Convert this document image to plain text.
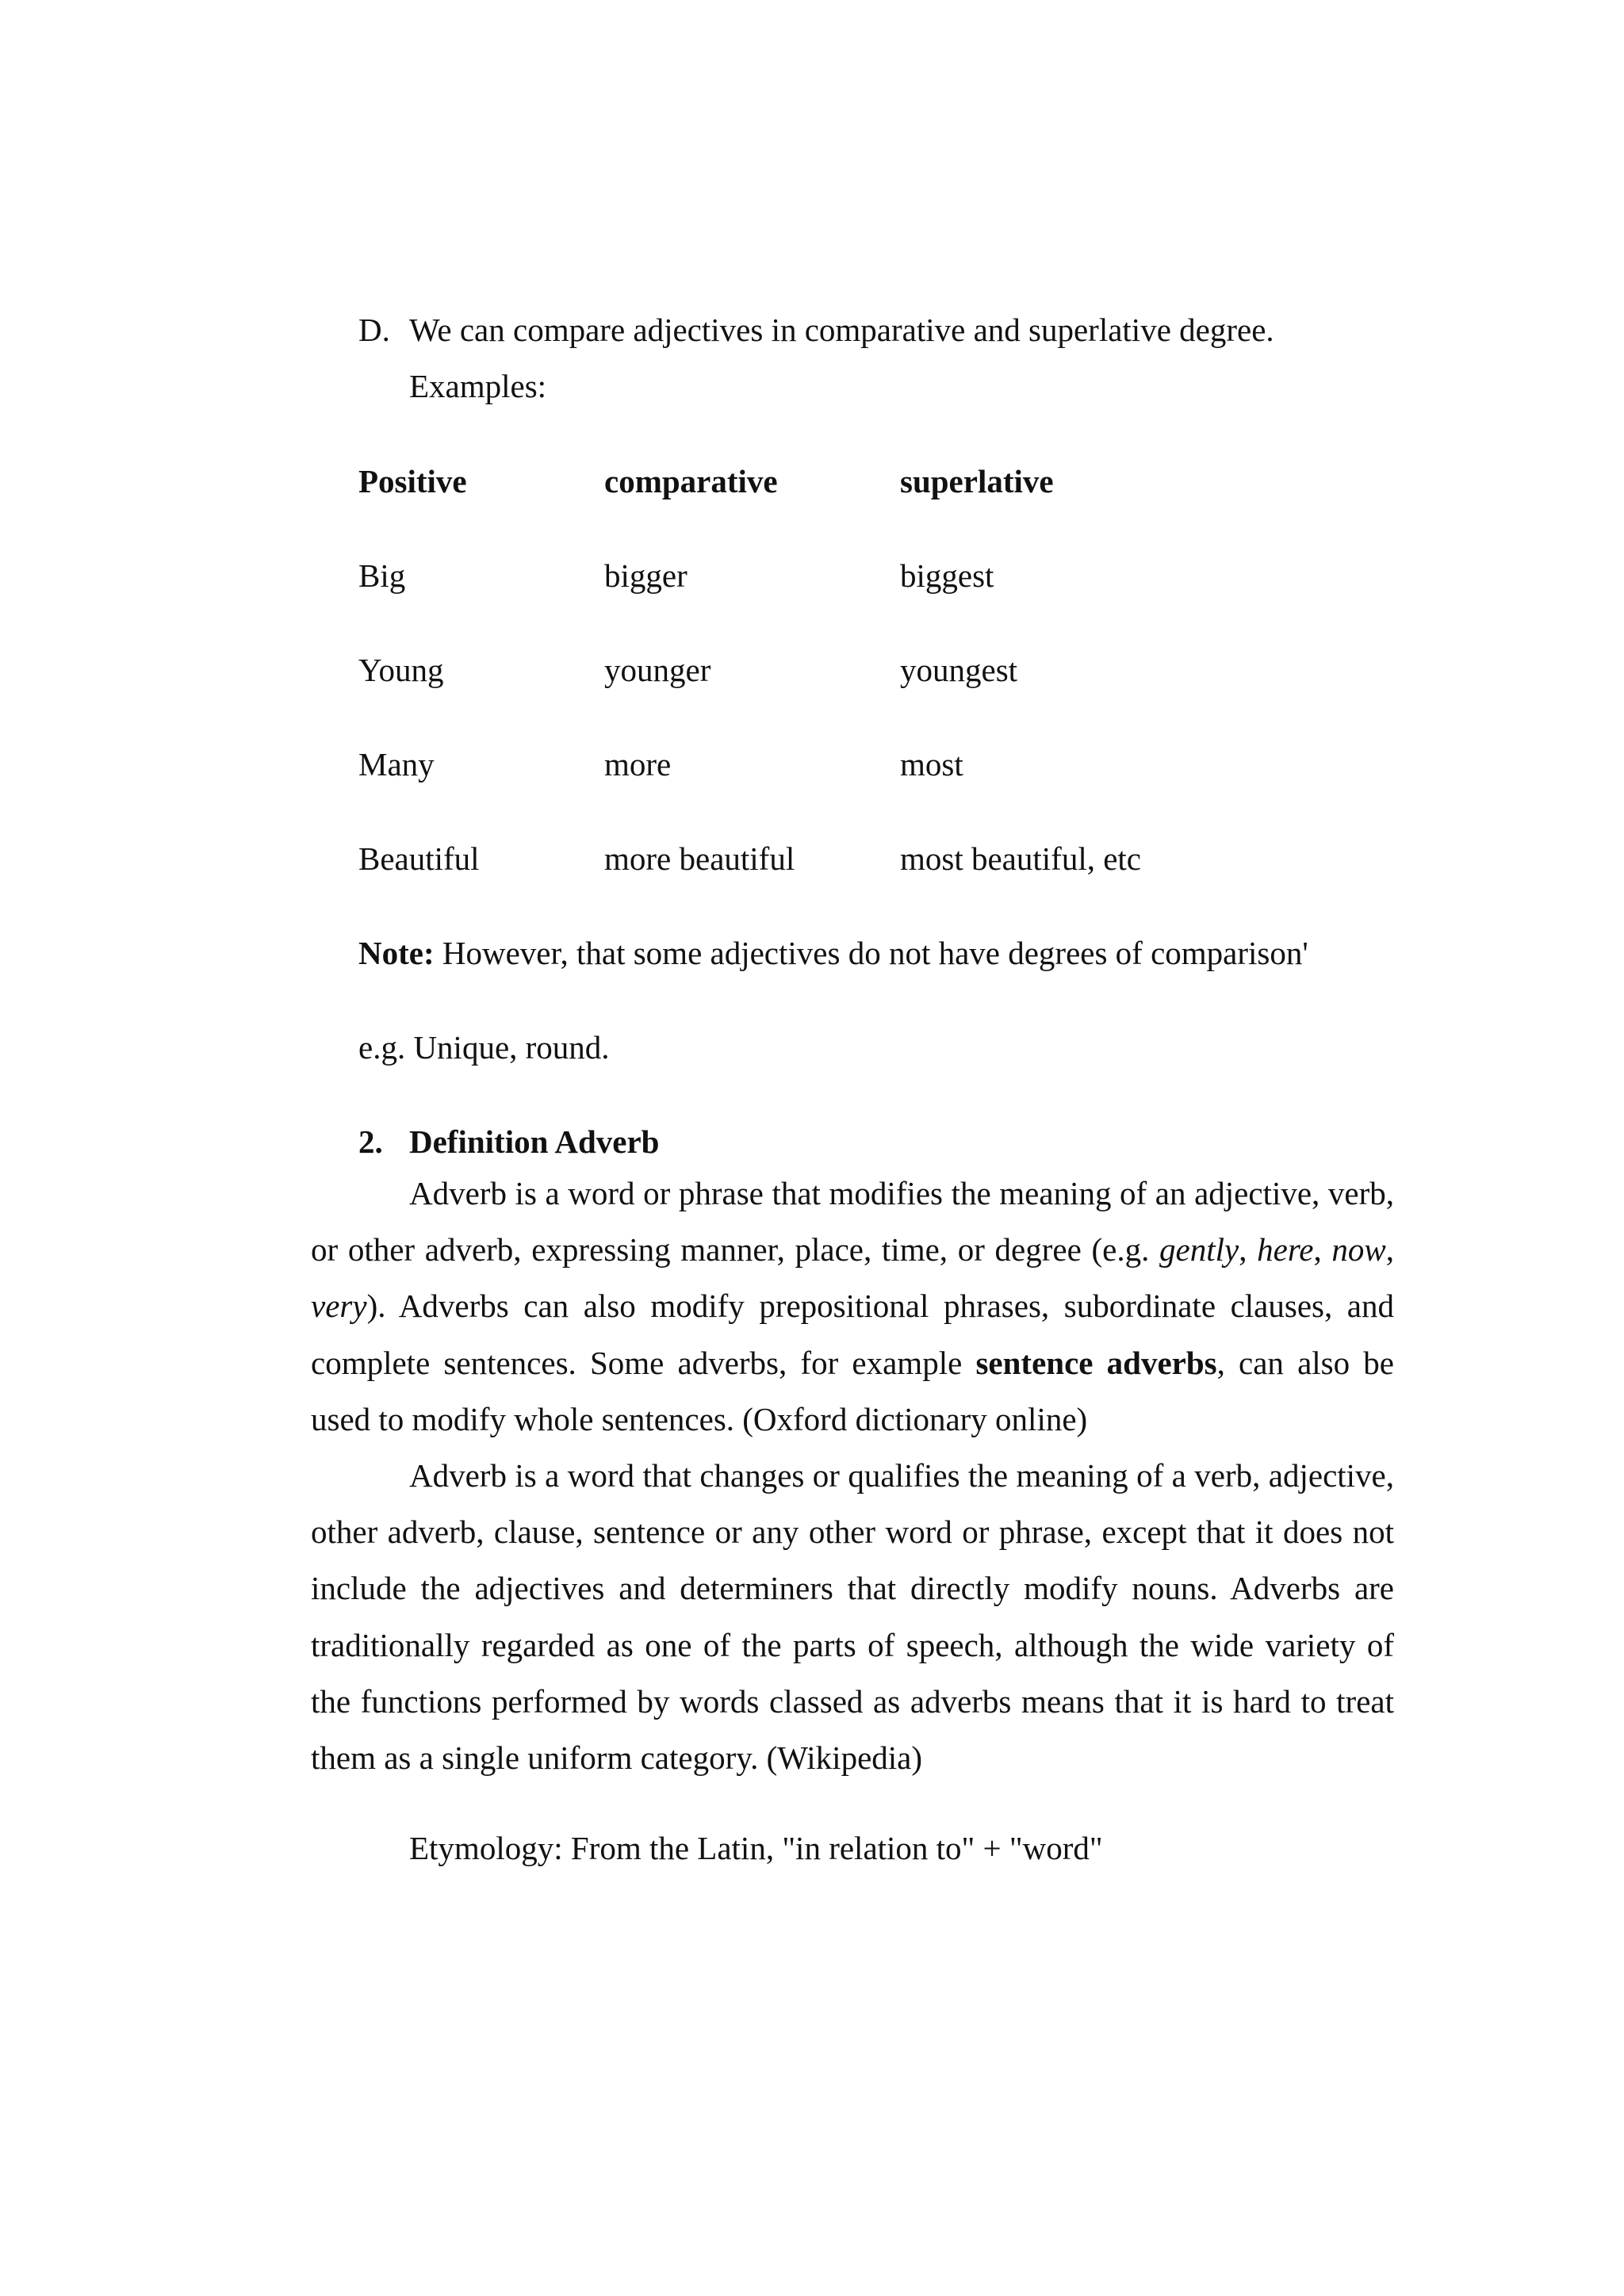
D. We can compare adjectives in comparative and superlative degree.
Examples:
Positive	comparative	superlative
Big	bigger	biggest
Young	younger	youngest
Many	more	most
Beautiful	more beautiful	most beautiful, etc
Note: However, that some adjectives do not have degrees of comparison'
e.g. Unique, round.
2. Definition Adverb

Adverb is a word or phrase that modifies the meaning of an adjective, verb, or other adverb, expressing manner, place, time, or degree (e.g. gently, here, now, very). Adverbs can also modify prepositional phrases, subordinate clauses, and complete sentences. Some adverbs, for example sentence adverbs, can also be used to modify whole sentences. (Oxford dictionary online)

Adverb is a word that changes or qualifies the meaning of a verb, adjective, other adverb, clause, sentence or any other word or phrase, except that it does not include the adjectives and determiners that directly modify nouns. Adverbs are traditionally regarded as one of the parts of speech, although the wide variety of the functions performed by words classed as adverbs means that it is hard to treat them as a single uniform category. (Wikipedia)

Etymology: From the Latin, "in relation to" + "word"
